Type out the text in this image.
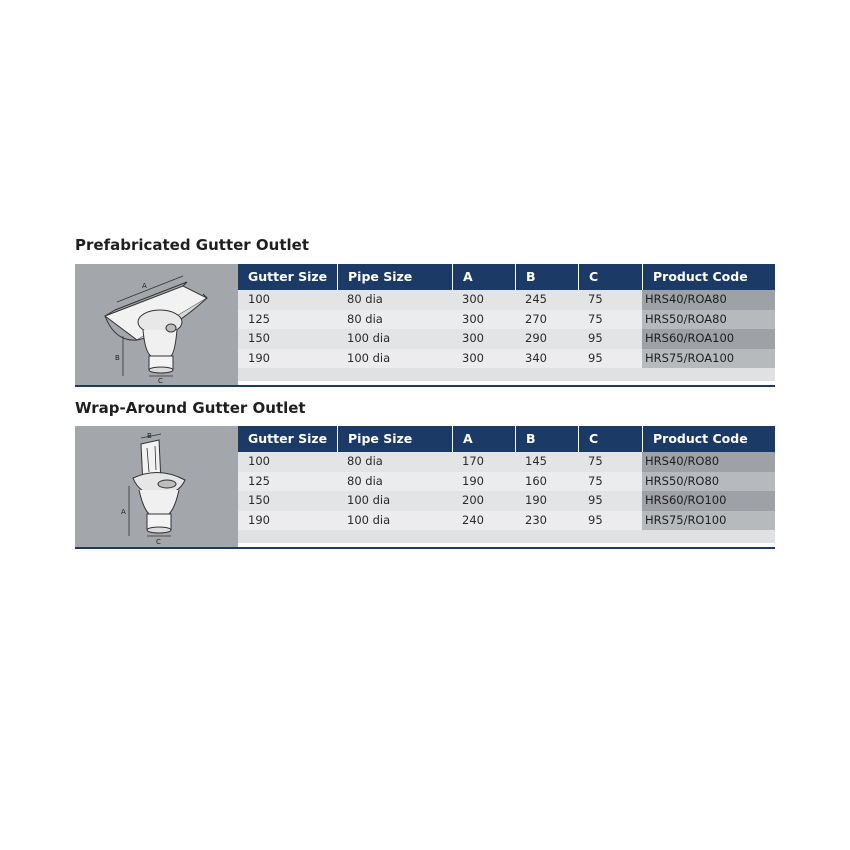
Prefabricated Gutter Outlet
A
B
C
Gutter Size	Pipe Size	A	B	C	Product Code
100	80 dia	300	245	75	HRS40/ROA80
125	80 dia	300	270	75	HRS50/ROA80
150	100 dia	300	290	95	HRS60/ROA100
190	100 dia	300	340	95	HRS75/ROA100
Wrap-Around Gutter Outlet
B
A
C
Gutter Size	Pipe Size	A	B	C	Product Code
100	80 dia	170	145	75	HRS40/RO80
125	80 dia	190	160	75	HRS50/RO80
150	100 dia	200	190	95	HRS60/RO100
190	100 dia	240	230	95	HRS75/RO100
